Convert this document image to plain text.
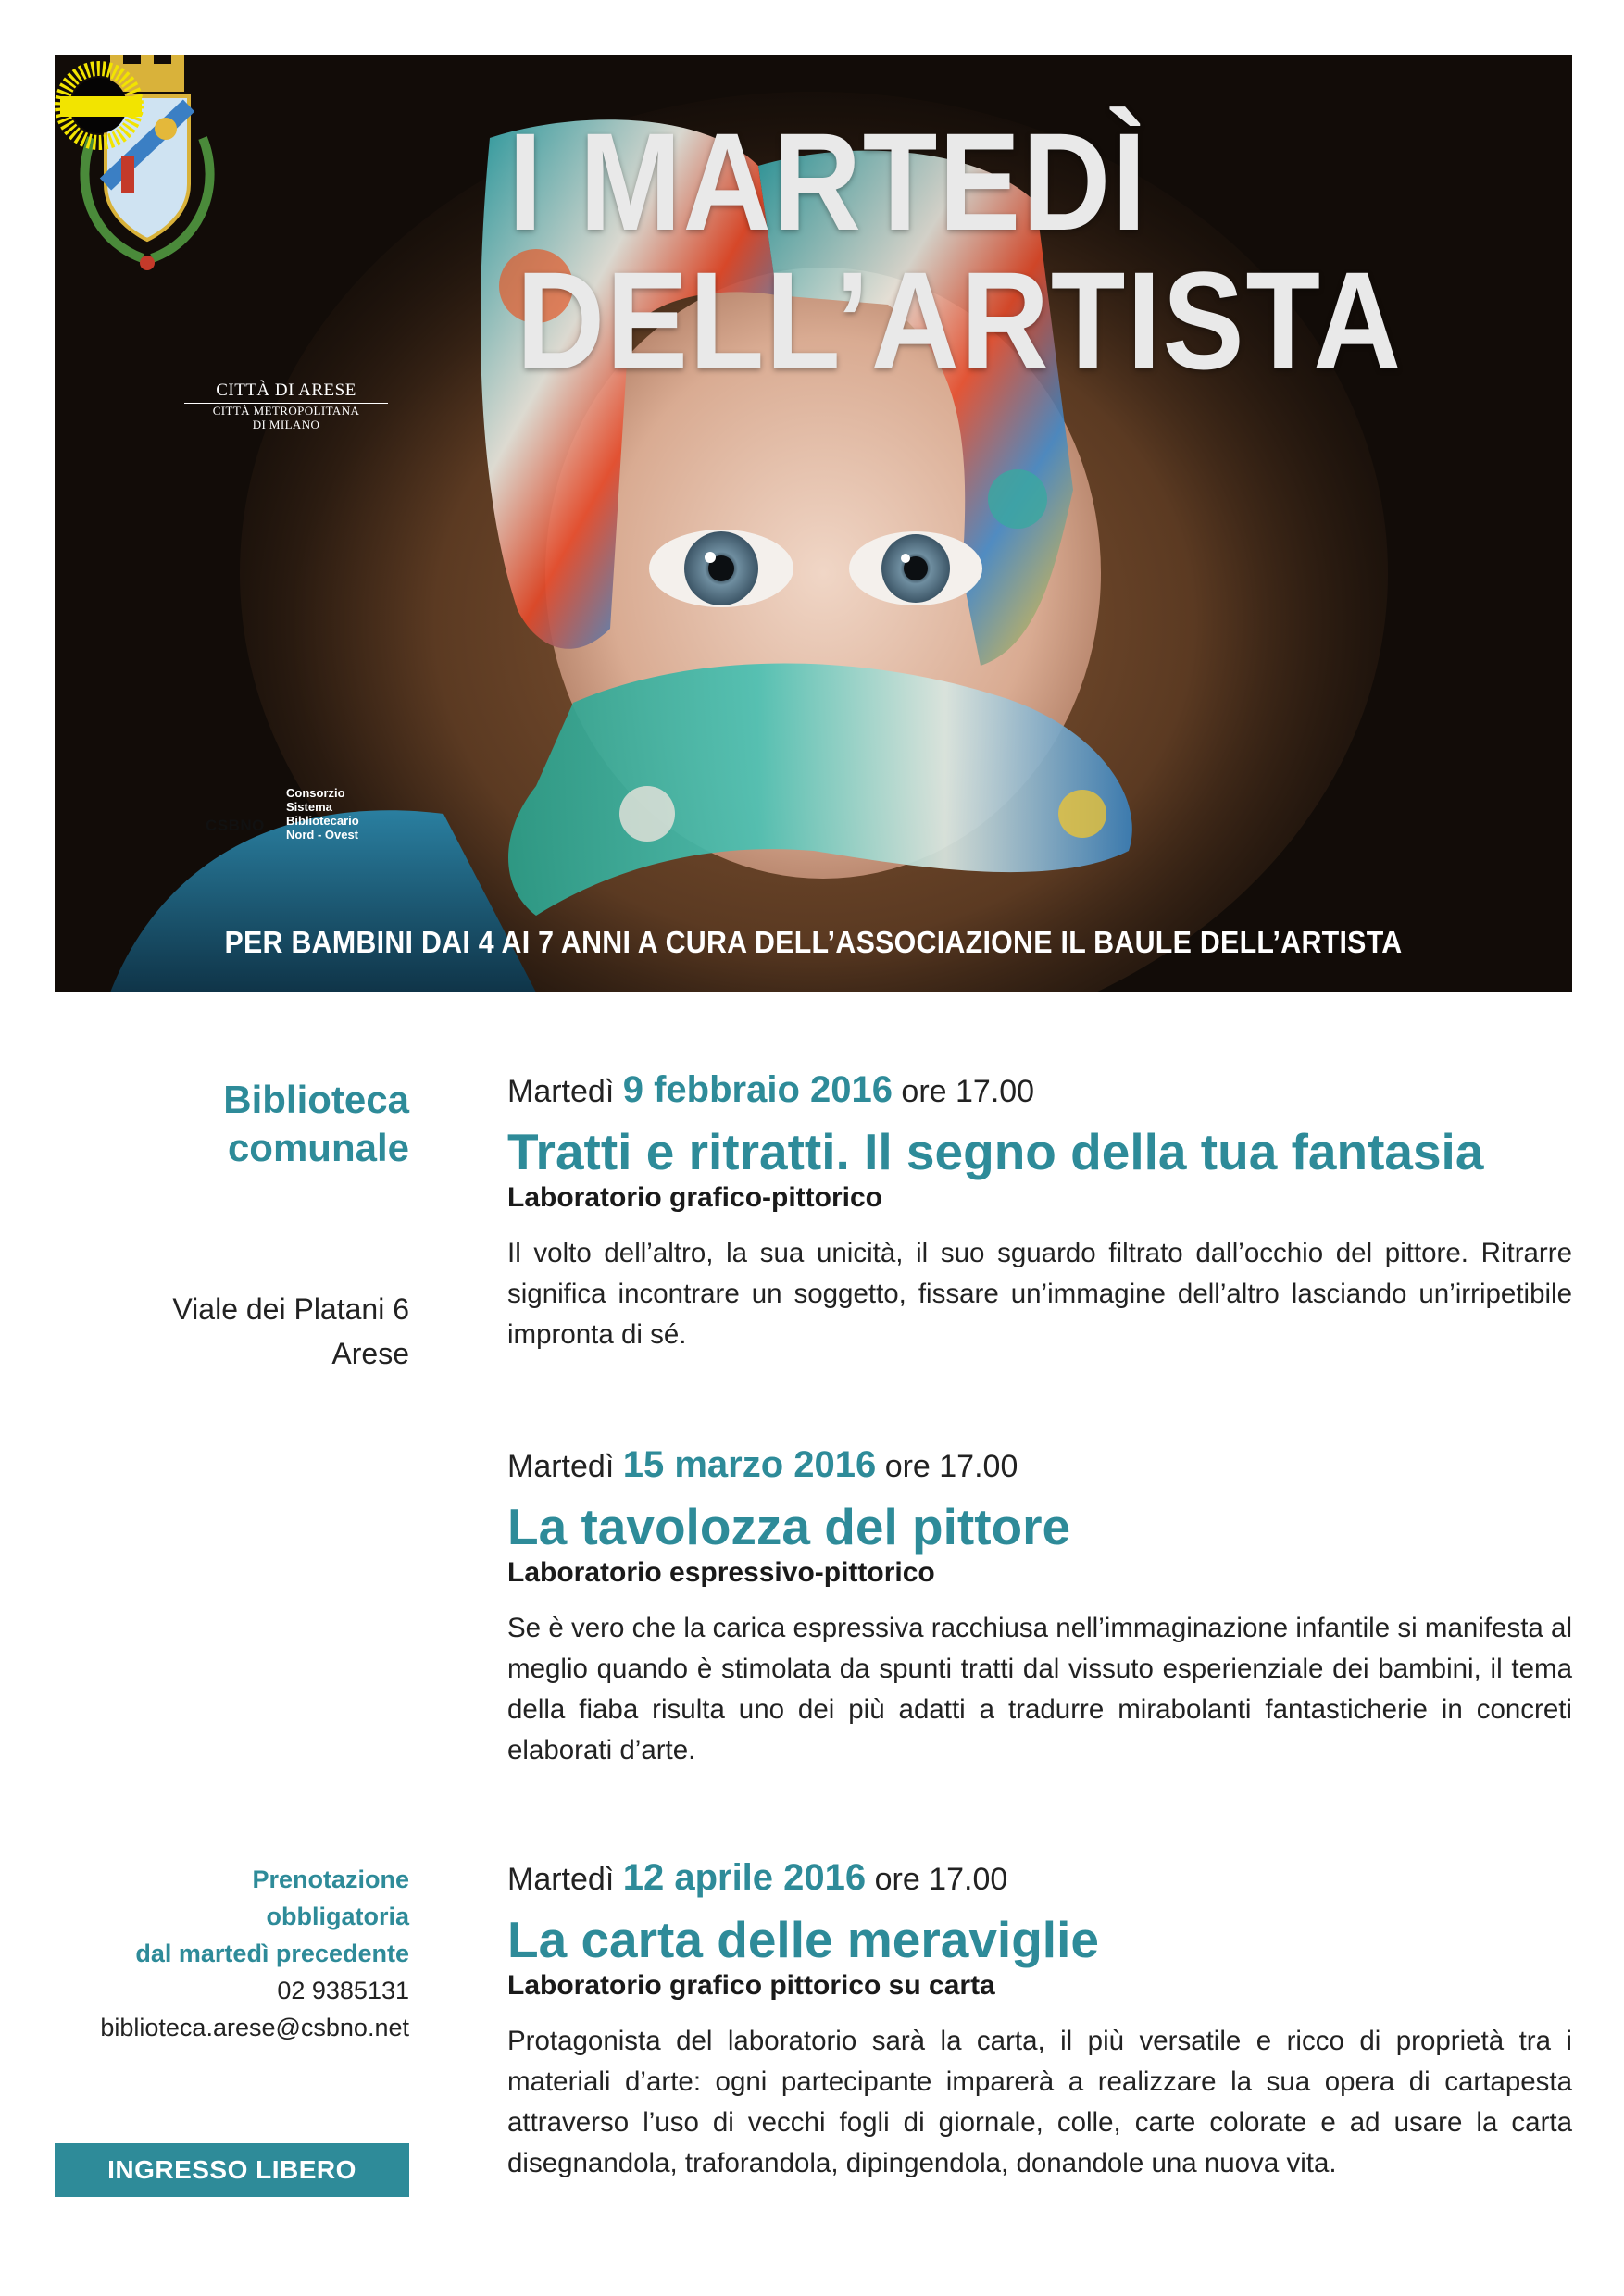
CITTÀ DI ARESE
CITTÀ METROPOLITANA
DI MILANO
CSBNO
Consorzio
Sistema
Bibliotecario
Nord - Ovest
I MARTEDÌ
DELL’ARTISTA
PER BAMBINI DAI 4 AI 7 ANNI A CURA DELL’ASSOCIAZIONE IL BAULE DELL’ARTISTA
Biblioteca
comunale
Viale dei Platani 6
Arese
Prenotazione
obbligatoria
dal martedì precedente
02 9385131
biblioteca.arese@csbno.net
INGRESSO LIBERO
Martedì 9 febbraio 2016 ore 17.00
Tratti e ritratti. Il segno della tua fantasia
Laboratorio grafico-pittorico
Il volto dell’altro, la sua unicità, il suo sguardo filtrato dall’occhio del pittore. Ritrarre significa incontrare un soggetto, fissare un’immagine dell’altro lasciando un’irripetibile impronta di sé.
Martedì 15 marzo 2016 ore 17.00
La tavolozza del pittore
Laboratorio espressivo-pittorico
Se è vero che la carica espressiva racchiusa nell’immaginazione infantile si manifesta al meglio quando è stimolata da spunti tratti dal vissuto esperienziale dei bambini, il tema della fiaba risulta uno dei più adatti a tradurre mirabolanti fantasticherie in concreti elaborati d’arte.
Martedì 12 aprile 2016 ore 17.00
La carta delle meraviglie
Laboratorio grafico pittorico su carta
Protagonista del laboratorio sarà la carta, il più versatile e ricco di proprietà tra i materiali d’arte: ogni partecipante imparerà a realizzare la sua opera di cartapesta attraverso l’uso di vecchi fogli di giornale, colle, carte colorate e ad usare la carta disegnandola, traforandola, dipingendola, donandole una nuova vita.
